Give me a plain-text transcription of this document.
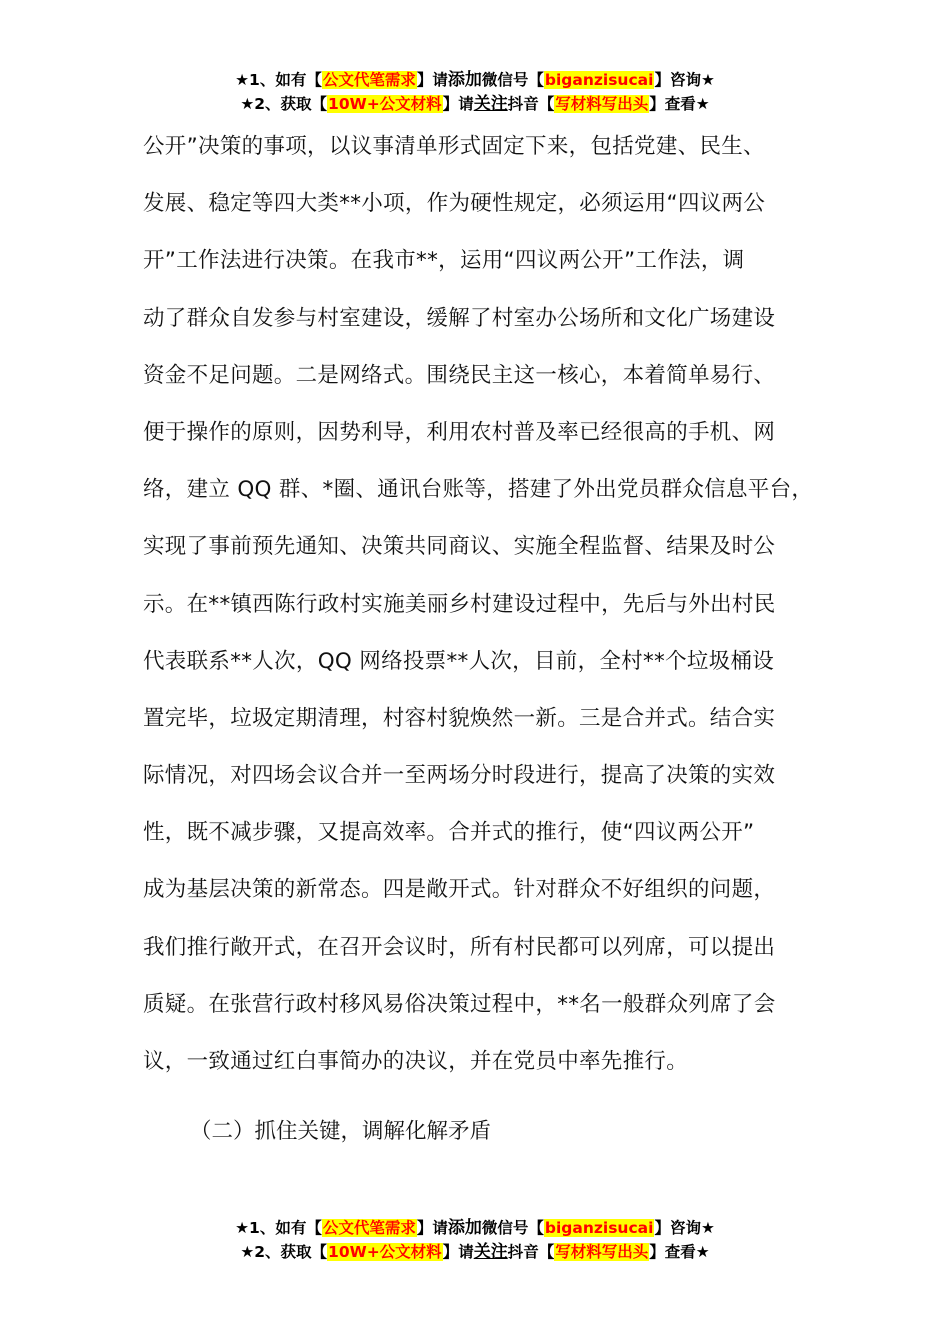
★1、如有【公文代笔需求】请添加微信号【biganzisucai】咨询★
★2、获取【10W+公文材料】请关注抖音【写材料写出头】查看★
公开”决策的事项，以议事清单形式固定下来，包括党建、民生、
发展、稳定等四大类**小项，作为硬性规定，必须运用“四议两公
开”工作法进行决策。在我市**，运用“四议两公开”工作法，调
动了群众自发参与村室建设，缓解了村室办公场所和文化广场建设
资金不足问题。二是网络式。围绕民主这一核心，本着简单易行、
便于操作的原则，因势利导，利用农村普及率已经很高的手机、网
络，建立 QQ 群、*圈、通讯台账等，搭建了外出党员群众信息平台，
实现了事前预先通知、决策共同商议、实施全程监督、结果及时公
示。在**镇西陈行政村实施美丽乡村建设过程中，先后与外出村民
代表联系**人次，QQ 网络投票**人次，目前，全村**个垃圾桶设
置完毕，垃圾定期清理，村容村貌焕然一新。三是合并式。结合实
际情况，对四场会议合并一至两场分时段进行，提高了决策的实效
性，既不减步骤，又提高效率。合并式的推行，使“四议两公开”
成为基层决策的新常态。四是敞开式。针对群众不好组织的问题，
我们推行敞开式，在召开会议时，所有村民都可以列席，可以提出
质疑。在张营行政村移风易俗决策过程中，**名一般群众列席了会
议，一致通过红白事简办的决议，并在党员中率先推行。
（二）抓住关键，调解化解矛盾
★1、如有【公文代笔需求】请添加微信号【biganzisucai】咨询★
★2、获取【10W+公文材料】请关注抖音【写材料写出头】查看★
